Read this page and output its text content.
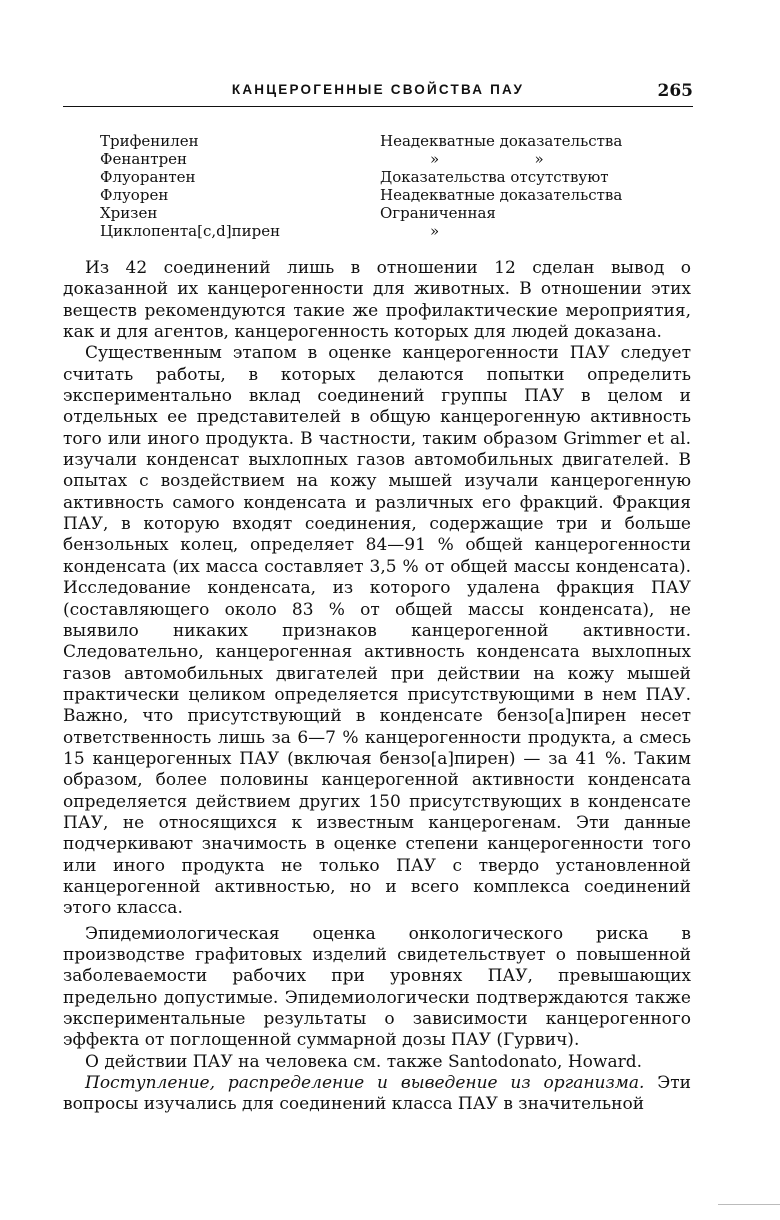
КАНЦЕРОГЕННЫЕ СВОЙСТВА ПАУ	265
Трифенилен	Неадекватные доказательства
Фенантрен	»                    »
Флуорантен	Доказательства отсутствуют
Флуорен	Неадекватные доказательства
Хризен	Ограниченная
Циклопента[c,d]пирен	»

Из 42 соединений лишь в отношении 12 сделан вывод о доказанной их канцерогенности для животных. В отношении этих веществ рекомендуются такие же профилактические мероприятия, как и для агентов, канцерогенность которых для людей доказана.

Существенным этапом в оценке канцерогенности ПАУ следует считать работы, в которых делаются попытки определить экспериментально вклад соединений группы ПАУ в целом и отдельных ее представителей в общую канцерогенную активность того или иного продукта. В частности, таким образом Grimmer et al. изучали конденсат выхлопных газов автомобильных двигателей. В опытах с воздействием на кожу мышей изучали канцерогенную активность самого конденсата и различных его фракций. Фракция ПАУ, в которую входят соединения, содержащие три и больше бензольных колец, определяет 84—91 % общей канцерогенности конденсата (их масса составляет 3,5 % от общей массы конденсата). Исследование конденсата, из которого удалена фракция ПАУ (составляющего около 83 % от общей массы конденсата), не выявило никаких признаков канцерогенной активности. Следовательно, канцерогенная активность конденсата выхлопных газов автомобильных двигателей при действии на кожу мышей практически целиком определяется присутствующими в нем ПАУ. Важно, что присутствующий в конденсате бензо[a]пирен несет ответственность лишь за 6—7 % канцерогенности продукта, а смесь 15 канцерогенных ПАУ (включая бензо[a]пирен) — за 41 %. Таким образом, более половины канцерогенной активности конденсата определяется действием других 150 присутствующих в конденсате ПАУ, не относящихся к известным канцерогенам. Эти данные подчеркивают значимость в оценке степени канцерогенности того или иного продукта не только ПАУ с твердо установленной канцерогенной активностью, но и всего комплекса соединений этого класса.

Эпидемиологическая оценка онкологического риска в производстве графитовых изделий свидетельствует о повышенной заболеваемости рабочих при уровнях ПАУ, превышающих предельно допустимые. Эпидемиологически подтверждаются также экспериментальные результаты о зависимости канцерогенного эффекта от поглощенной суммарной дозы ПАУ (Гурвич).

О действии ПАУ на человека см. также Santodonato, Howard.

Поступление, распределение и выведение из организма. Эти вопросы изучались для соединений класса ПАУ в значительной
